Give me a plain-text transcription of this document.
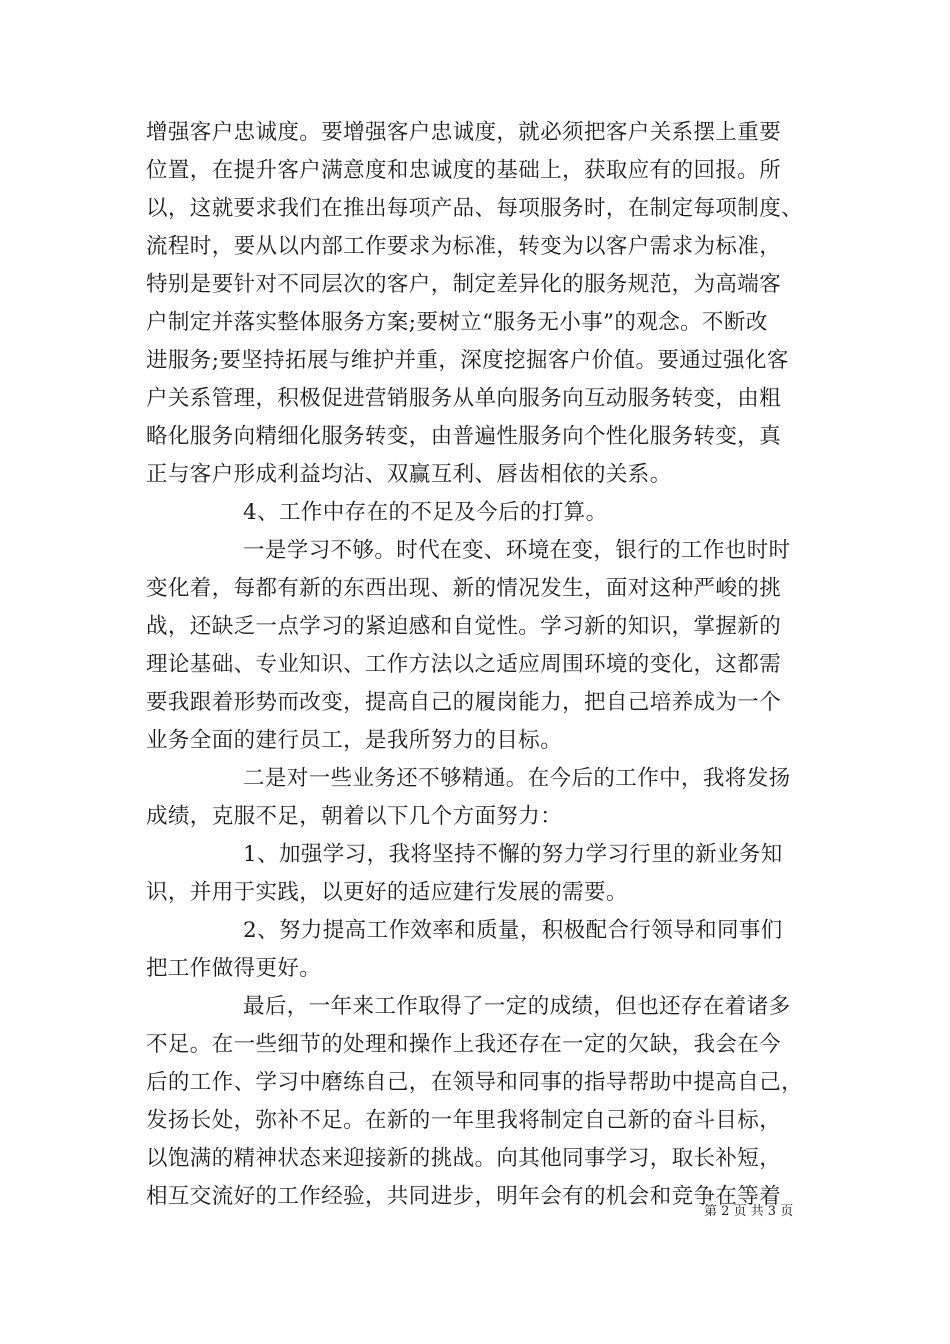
增强客户忠诚度。要增强客户忠诚度，就必须把客户关系摆上重要
位置，在提升客户满意度和忠诚度的基础上，获取应有的回报。所
以，这就要求我们在推出每项产品、每项服务时，在制定每项制度、
流程时，要从以内部工作要求为标准，转变为以客户需求为标准，
特别是要针对不同层次的客户，制定差异化的服务规范，为高端客
户制定并落实整体服务方案;要树立“服务无小事”的观念。不断改
进服务;要坚持拓展与维护并重，深度挖掘客户价值。要通过强化客
户关系管理，积极促进营销服务从单向服务向互动服务转变，由粗
略化服务向精细化服务转变，由普遍性服务向个性化服务转变，真
正与客户形成利益均沾、双赢互利、唇齿相依的关系。
4、工作中存在的不足及今后的打算。
一是学习不够。时代在变、环境在变，银行的工作也时时
变化着，每都有新的东西出现、新的情况发生，面对这种严峻的挑
战，还缺乏一点学习的紧迫感和自觉性。学习新的知识，掌握新的
理论基础、专业知识、工作方法以之适应周围环境的变化，这都需
要我跟着形势而改变，提高自己的履岗能力，把自己培养成为一个
业务全面的建行员工，是我所努力的目标。
二是对一些业务还不够精通。在今后的工作中，我将发扬
成绩，克服不足，朝着以下几个方面努力：
1、加强学习，我将坚持不懈的努力学习行里的新业务知
识，并用于实践，以更好的适应建行发展的需要。
2、努力提高工作效率和质量，积极配合行领导和同事们
把工作做得更好。
最后，一年来工作取得了一定的成绩，但也还存在着诸多
不足。在一些细节的处理和操作上我还存在一定的欠缺，我会在今
后的工作、学习中磨练自己，在领导和同事的指导帮助中提高自己，
发扬长处，弥补不足。在新的一年里我将制定自己新的奋斗目标，
以饱满的精神状态来迎接新的挑战。向其他同事学习，取长补短，
相互交流好的工作经验，共同进步，明年会有的机会和竞争在等着
第 2 页 共 3 页
